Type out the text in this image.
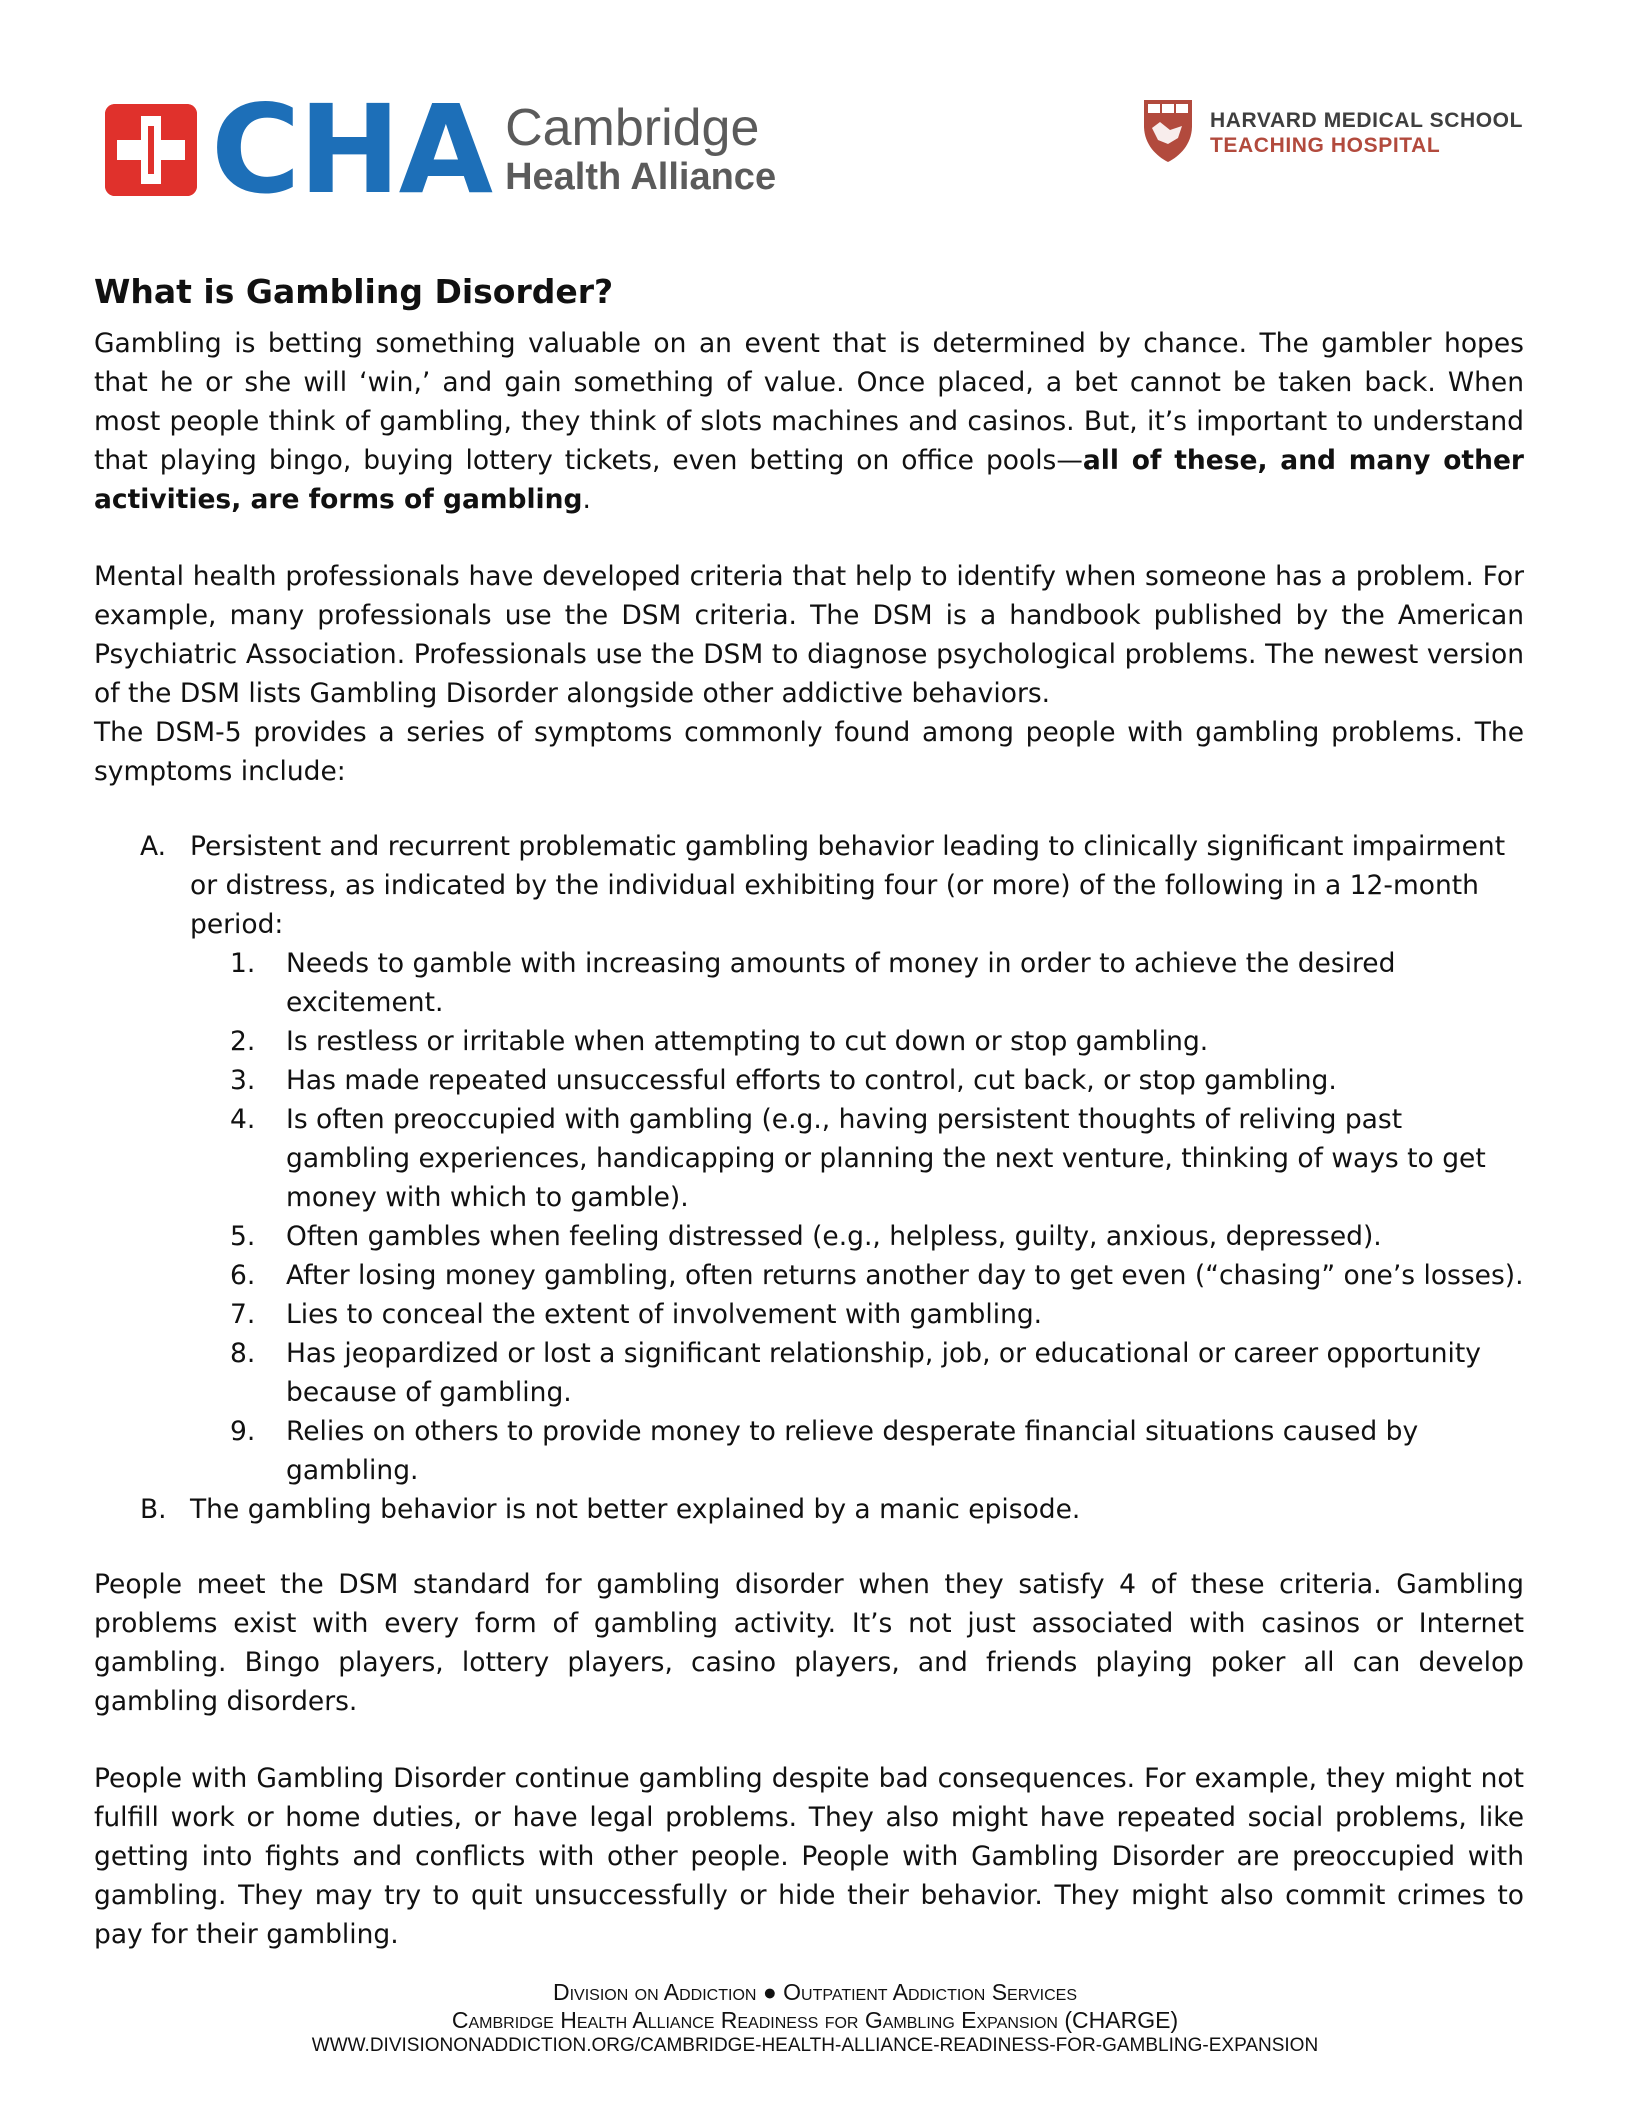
CHA Cambridge
Health Alliance
HARVARD MEDICAL SCHOOL
TEACHING HOSPITAL
What is Gambling Disorder?

Gambling is betting something valuable on an event that is determined by chance. The gambler hopes that he or she will ‘win,’ and gain something of value. Once placed, a bet cannot be taken back. When most people think of gambling, they think of slots machines and casinos. But, it’s important to understand that playing bingo, buying lottery tickets, even betting on office pools—all of these, and many other activities, are forms of gambling.

Mental health professionals have developed criteria that help to identify when someone has a problem. For example, many professionals use the DSM criteria. The DSM is a handbook published by the American Psychiatric Association. Professionals use the DSM to diagnose psychological problems. The newest version of the DSM lists Gambling Disorder alongside other addictive behaviors.

The DSM-5 provides a series of symptoms commonly found among people with gambling problems. The symptoms include:

A. Persistent and recurrent problematic gambling behavior leading to clinically significant impairment or distress, as indicated by the individual exhibiting four (or more) of the following in a 12-month period:
1. Needs to gamble with increasing amounts of money in order to achieve the desired excitement.
2. Is restless or irritable when attempting to cut down or stop gambling.
3. Has made repeated unsuccessful efforts to control, cut back, or stop gambling.
4. Is often preoccupied with gambling (e.g., having persistent thoughts of reliving past gambling experiences, handicapping or planning the next venture, thinking of ways to get money with which to gamble).
5. Often gambles when feeling distressed (e.g., helpless, guilty, anxious, depressed).
6. After losing money gambling, often returns another day to get even (“chasing” one’s losses).
7. Lies to conceal the extent of involvement with gambling.
8. Has jeopardized or lost a significant relationship, job, or educational or career opportunity because of gambling.
9. Relies on others to provide money to relieve desperate financial situations caused by gambling.
B. The gambling behavior is not better explained by a manic episode.

People meet the DSM standard for gambling disorder when they satisfy 4 of these criteria. Gambling problems exist with every form of gambling activity. It’s not just associated with casinos or Internet gambling. Bingo players, lottery players, casino players, and friends playing poker all can develop gambling disorders.

People with Gambling Disorder continue gambling despite bad consequences. For example, they might not fulfill work or home duties, or have legal problems. They also might have repeated social problems, like getting into fights and conflicts with other people. People with Gambling Disorder are preoccupied with gambling. They may try to quit unsuccessfully or hide their behavior. They might also commit crimes to pay for their gambling.

Division on Addiction ● Outpatient Addiction Services
Cambridge Health Alliance Readiness for Gambling Expansion (CHARGE)
WWW.DIVISIONONADDICTION.ORG/CAMBRIDGE-HEALTH-ALLIANCE-READINESS-FOR-GAMBLING-EXPANSION
